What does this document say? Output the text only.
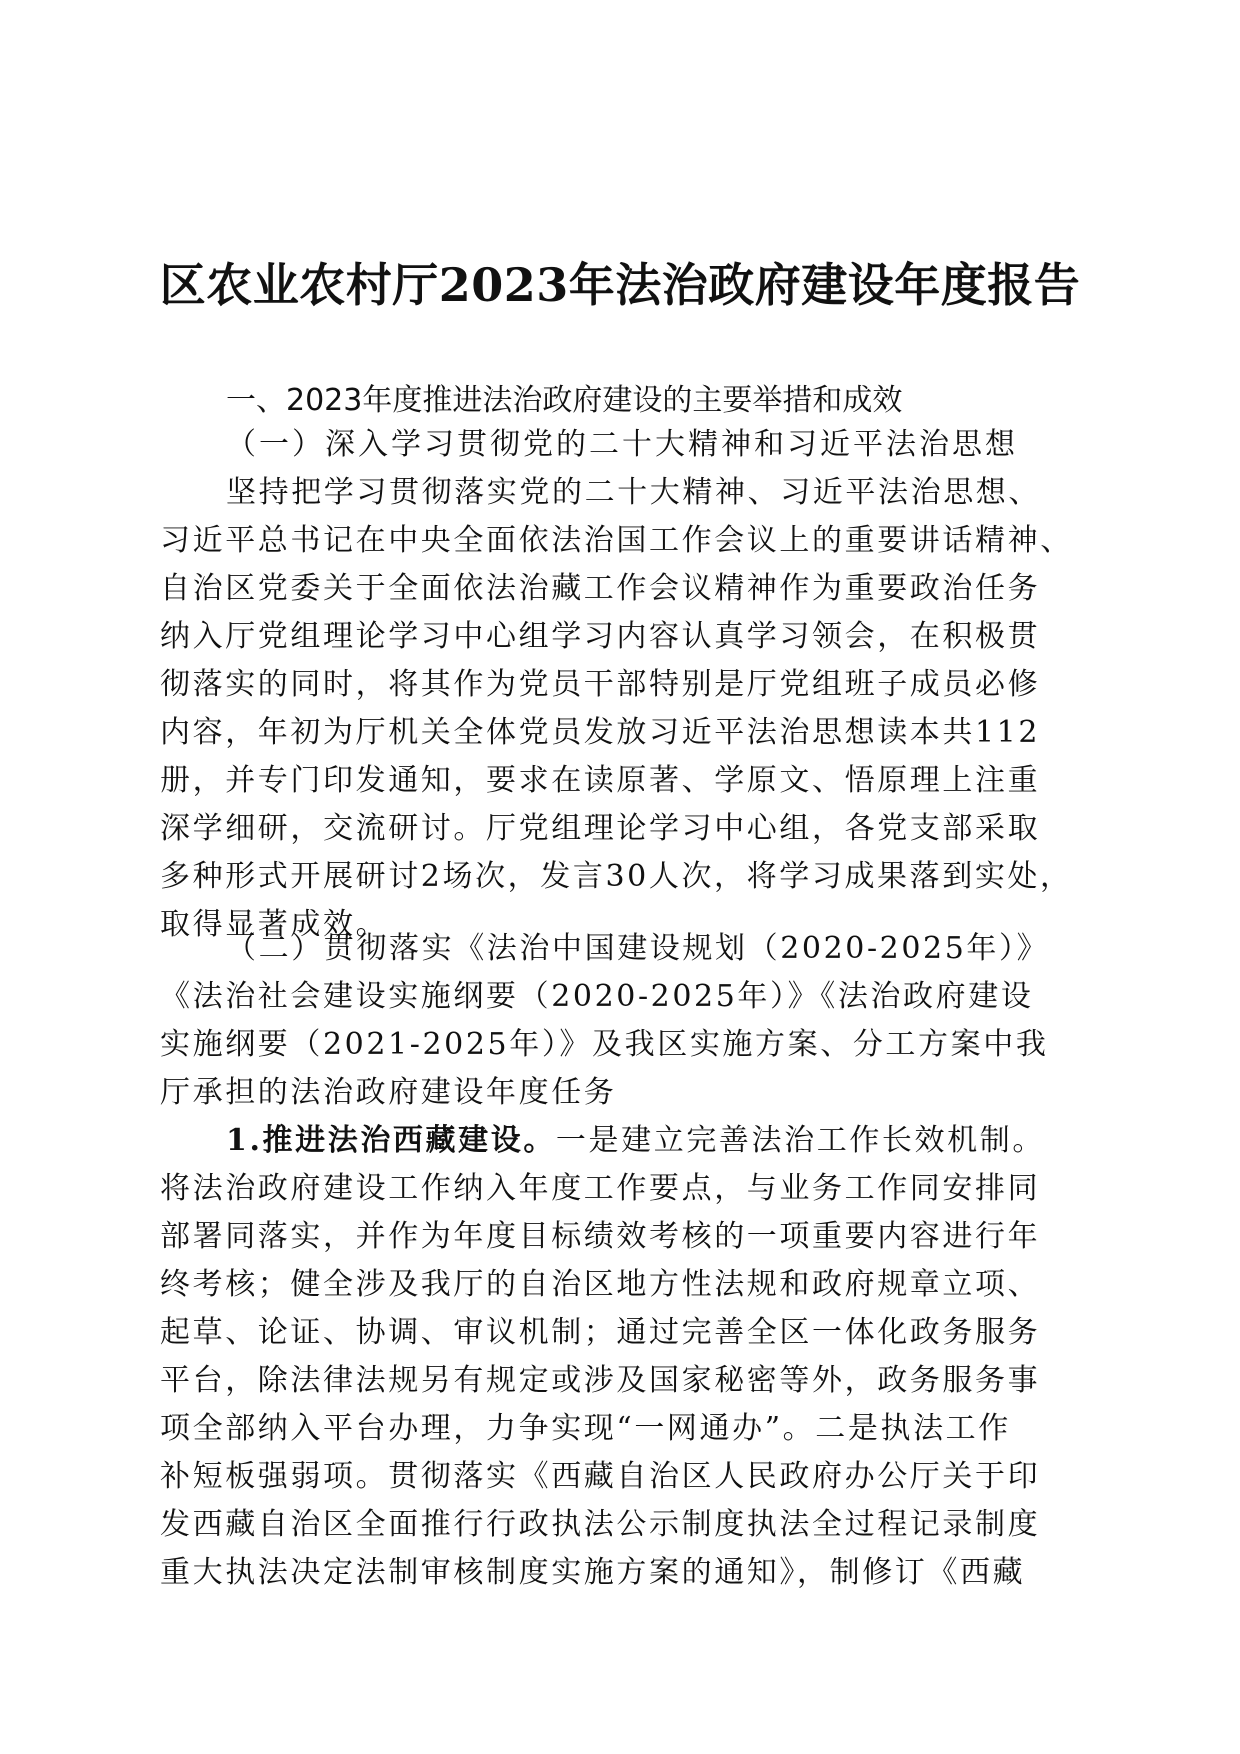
区农业农村厅2023年法治政府建设年度报告
一、2023年度推进法治政府建设的主要举措和成效
（一）深入学习贯彻党的二十大精神和习近平法治思想
坚持把学习贯彻落实党的二十大精神、习近平法治思想、
习近平总书记在中央全面依法治国工作会议上的重要讲话精神、
自治区党委关于全面依法治藏工作会议精神作为重要政治任务
纳入厅党组理论学习中心组学习内容认真学习领会，在积极贯
彻落实的同时，将其作为党员干部特别是厅党组班子成员必修
内容，年初为厅机关全体党员发放习近平法治思想读本共112
册，并专门印发通知，要求在读原著、学原文、悟原理上注重
深学细研，交流研讨。厅党组理论学习中心组，各党支部采取
多种形式开展研讨2场次，发言30人次，将学习成果落到实处，
取得显著成效。
（二）贯彻落实《法治中国建设规划（2020-2025年）》
《法治社会建设实施纲要（2020-2025年）》《法治政府建设
实施纲要（2021-2025年）》及我区实施方案、分工方案中我
厅承担的法治政府建设年度任务
1.推进法治西藏建设。一是建立完善法治工作长效机制。
将法治政府建设工作纳入年度工作要点，与业务工作同安排同
部署同落实，并作为年度目标绩效考核的一项重要内容进行年
终考核；健全涉及我厅的自治区地方性法规和政府规章立项、
起草、论证、协调、审议机制；通过完善全区一体化政务服务
平台，除法律法规另有规定或涉及国家秘密等外，政务服务事
项全部纳入平台办理，力争实现“一网通办”。二是执法工作
补短板强弱项。贯彻落实《西藏自治区人民政府办公厅关于印
发西藏自治区全面推行行政执法公示制度执法全过程记录制度
重大执法决定法制审核制度实施方案的通知》，制修订《西藏
